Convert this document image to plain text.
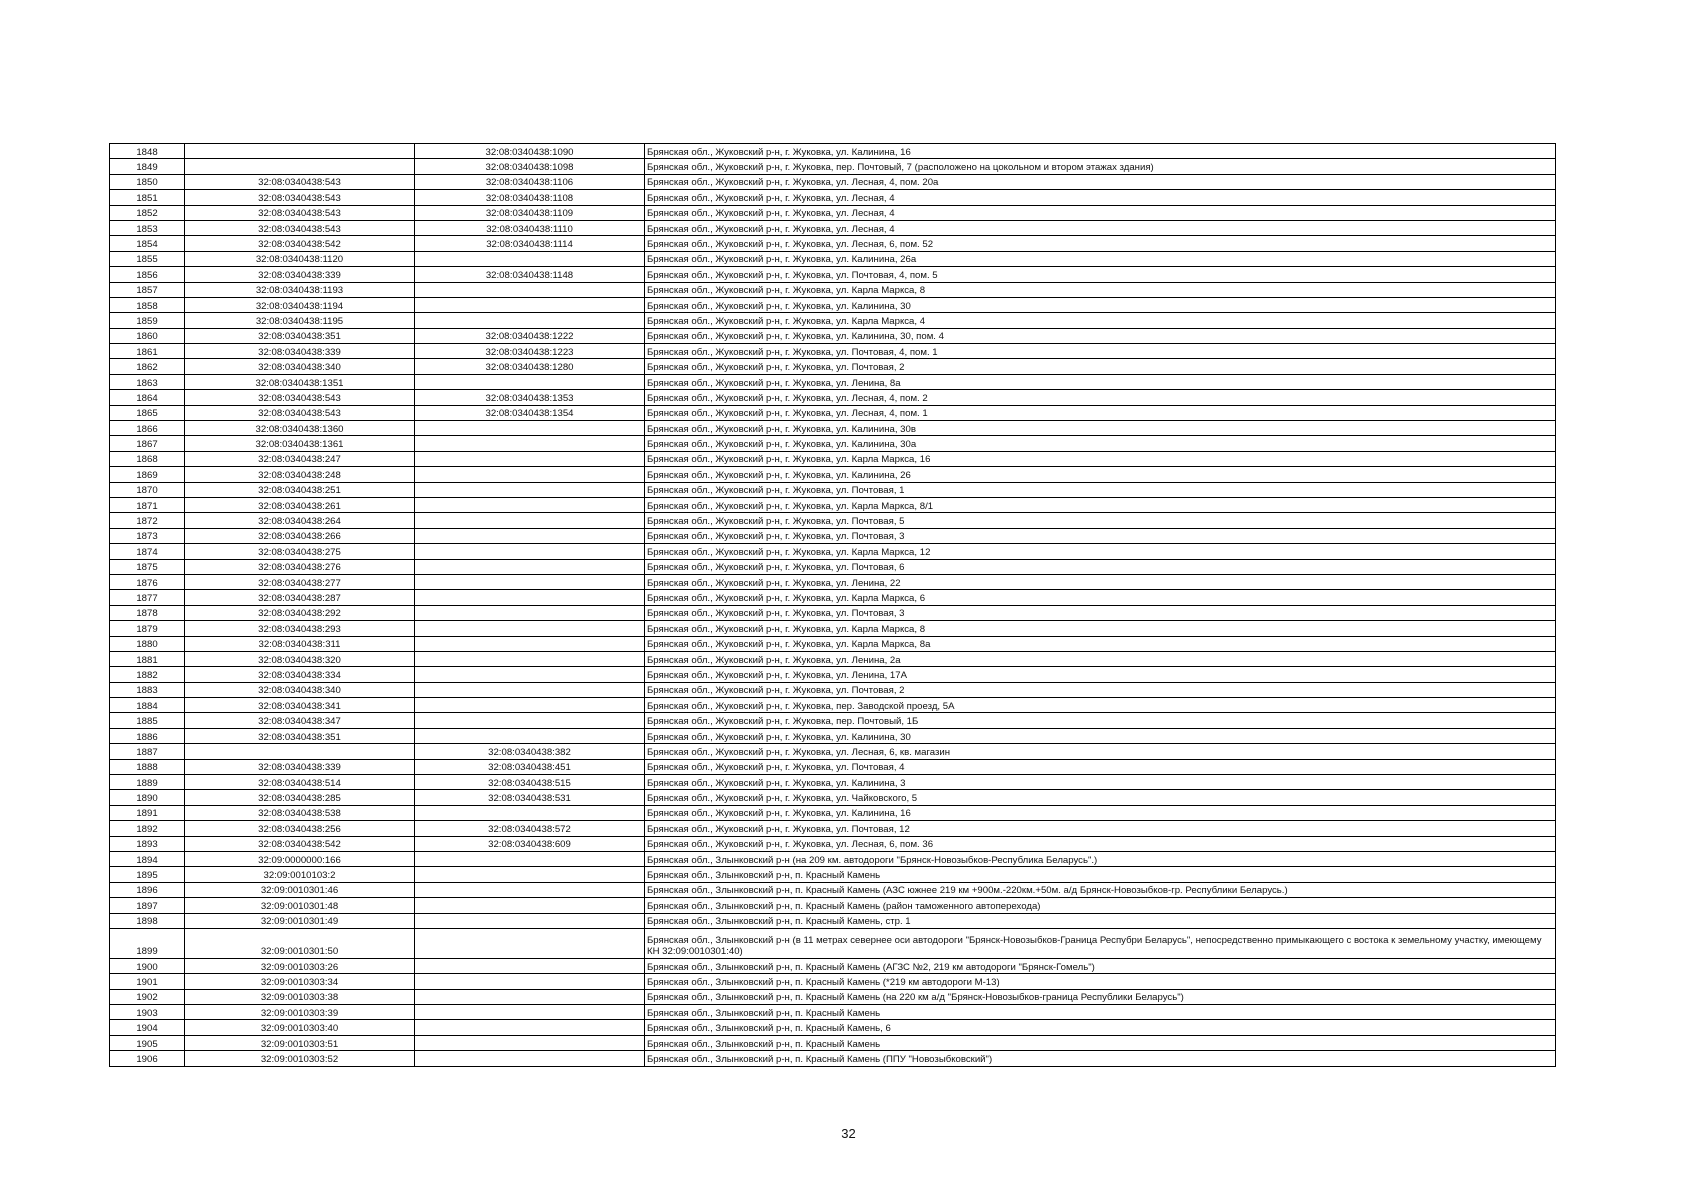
1848		32:08:0340438:1090	Брянская обл., Жуковский р-н, г. Жуковка, ул. Калинина, 16
1849		32:08:0340438:1098	Брянская обл., Жуковский р-н, г. Жуковка, пер. Почтовый, 7 (расположено на цокольном и втором этажах здания)
1850	32:08:0340438:543	32:08:0340438:1106	Брянская обл., Жуковский р-н, г. Жуковка, ул. Лесная, 4, пом. 20а
1851	32:08:0340438:543	32:08:0340438:1108	Брянская обл., Жуковский р-н, г. Жуковка, ул. Лесная, 4
1852	32:08:0340438:543	32:08:0340438:1109	Брянская обл., Жуковский р-н, г. Жуковка, ул. Лесная, 4
1853	32:08:0340438:543	32:08:0340438:1110	Брянская обл., Жуковский р-н, г. Жуковка, ул. Лесная, 4
1854	32:08:0340438:542	32:08:0340438:1114	Брянская обл., Жуковский р-н, г. Жуковка, ул. Лесная, 6, пом. 52
1855	32:08:0340438:1120		Брянская обл., Жуковский р-н, г. Жуковка, ул. Калинина, 26а
1856	32:08:0340438:339	32:08:0340438:1148	Брянская обл., Жуковский р-н, г. Жуковка, ул. Почтовая, 4, пом. 5
1857	32:08:0340438:1193		Брянская обл., Жуковский р-н, г. Жуковка, ул. Карла Маркса, 8
1858	32:08:0340438:1194		Брянская обл., Жуковский р-н, г. Жуковка, ул. Калинина, 30
1859	32:08:0340438:1195		Брянская обл., Жуковский р-н, г. Жуковка, ул. Карла Маркса, 4
1860	32:08:0340438:351	32:08:0340438:1222	Брянская обл., Жуковский р-н, г. Жуковка, ул. Калинина, 30, пом. 4
1861	32:08:0340438:339	32:08:0340438:1223	Брянская обл., Жуковский р-н, г. Жуковка, ул. Почтовая, 4, пом. 1
1862	32:08:0340438:340	32:08:0340438:1280	Брянская обл., Жуковский р-н, г. Жуковка, ул. Почтовая, 2
1863	32:08:0340438:1351		Брянская обл., Жуковский р-н, г. Жуковка, ул. Ленина, 8а
1864	32:08:0340438:543	32:08:0340438:1353	Брянская обл., Жуковский р-н, г. Жуковка, ул. Лесная, 4, пом. 2
1865	32:08:0340438:543	32:08:0340438:1354	Брянская обл., Жуковский р-н, г. Жуковка, ул. Лесная, 4, пом. 1
1866	32:08:0340438:1360		Брянская обл., Жуковский р-н, г. Жуковка, ул. Калинина, 30в
1867	32:08:0340438:1361		Брянская обл., Жуковский р-н, г. Жуковка, ул. Калинина, 30а
1868	32:08:0340438:247		Брянская обл., Жуковский р-н, г. Жуковка, ул. Карла Маркса, 16
1869	32:08:0340438:248		Брянская обл., Жуковский р-н, г. Жуковка, ул. Калинина, 26
1870	32:08:0340438:251		Брянская обл., Жуковский р-н, г. Жуковка, ул. Почтовая, 1
1871	32:08:0340438:261		Брянская обл., Жуковский р-н, г. Жуковка, ул. Карла Маркса, 8/1
1872	32:08:0340438:264		Брянская обл., Жуковский р-н, г. Жуковка, ул. Почтовая, 5
1873	32:08:0340438:266		Брянская обл., Жуковский р-н, г. Жуковка, ул. Почтовая, 3
1874	32:08:0340438:275		Брянская обл., Жуковский р-н, г. Жуковка, ул. Карла Маркса, 12
1875	32:08:0340438:276		Брянская обл., Жуковский р-н, г. Жуковка, ул. Почтовая, 6
1876	32:08:0340438:277		Брянская обл., Жуковский р-н, г. Жуковка, ул. Ленина, 22
1877	32:08:0340438:287		Брянская обл., Жуковский р-н, г. Жуковка, ул. Карла Маркса, 6
1878	32:08:0340438:292		Брянская обл., Жуковский р-н, г. Жуковка, ул. Почтовая, 3
1879	32:08:0340438:293		Брянская обл., Жуковский р-н, г. Жуковка, ул. Карла Маркса, 8
1880	32:08:0340438:311		Брянская обл., Жуковский р-н, г. Жуковка, ул. Карла Маркса, 8а
1881	32:08:0340438:320		Брянская обл., Жуковский р-н, г. Жуковка, ул. Ленина, 2а
1882	32:08:0340438:334		Брянская обл., Жуковский р-н, г. Жуковка, ул. Ленина, 17А
1883	32:08:0340438:340		Брянская обл., Жуковский р-н, г. Жуковка, ул. Почтовая, 2
1884	32:08:0340438:341		Брянская обл., Жуковский р-н, г. Жуковка, пер. Заводской проезд, 5А
1885	32:08:0340438:347		Брянская обл., Жуковский р-н, г. Жуковка, пер. Почтовый, 1Б
1886	32:08:0340438:351		Брянская обл., Жуковский р-н, г. Жуковка, ул. Калинина, 30
1887		32:08:0340438:382	Брянская обл., Жуковский р-н, г. Жуковка, ул. Лесная, 6, кв. магазин
1888	32:08:0340438:339	32:08:0340438:451	Брянская обл., Жуковский р-н, г. Жуковка, ул. Почтовая, 4
1889	32:08:0340438:514	32:08:0340438:515	Брянская обл., Жуковский р-н, г. Жуковка, ул. Калинина, 3
1890	32:08:0340438:285	32:08:0340438:531	Брянская обл., Жуковский р-н, г. Жуковка, ул. Чайковского, 5
1891	32:08:0340438:538		Брянская обл., Жуковский р-н, г. Жуковка, ул. Калинина, 16
1892	32:08:0340438:256	32:08:0340438:572	Брянская обл., Жуковский р-н, г. Жуковка, ул. Почтовая, 12
1893	32:08:0340438:542	32:08:0340438:609	Брянская обл., Жуковский р-н, г. Жуковка, ул. Лесная, 6, пом. 36
1894	32:09:0000000:166		Брянская обл., Злынковский р-н (на 209 км. автодороги "Брянск-Новозыбков-Республика Беларусь".)
1895	32:09:0010103:2		Брянская обл., Злынковский р-н, п. Красный Камень
1896	32:09:0010301:46		Брянская обл., Злынковский р-н, п. Красный Камень (АЗС южнее 219 км +900м.-220км.+50м. а/д Брянск-Новозыбков-гр. Республики Беларусь.)
1897	32:09:0010301:48		Брянская обл., Злынковский р-н, п. Красный Камень (район таможенного автоперехода)
1898	32:09:0010301:49		Брянская обл., Злынковский р-н, п. Красный Камень, стр. 1
1899	32:09:0010301:50		Брянская обл., Злынковский р-н (в 11 метрах севернее оси автодороги "Брянск-Новозыбков-Граница Респубpи Беларусь", непосредственно примыкающего с востока к земельному участку, имеющему КН 32:09:0010301:40)
1900	32:09:0010303:26		Брянская обл., Злынковский р-н, п. Красный Камень (АГЗС №2, 219 км автодороги "Брянск-Гомель")
1901	32:09:0010303:34		Брянская обл., Злынковский р-н, п. Красный Камень (*219 км автодороги М-13)
1902	32:09:0010303:38		Брянская обл., Злынковский р-н, п. Красный Камень (на 220 км а/д "Брянск-Новозыбков-граница Республики Беларусь")
1903	32:09:0010303:39		Брянская обл., Злынковский р-н, п. Красный Камень
1904	32:09:0010303:40		Брянская обл., Злынковский р-н, п. Красный Камень, 6
1905	32:09:0010303:51		Брянская обл., Злынковский р-н, п. Красный Камень
1906	32:09:0010303:52		Брянская обл., Злынковский р-н, п. Красный Камень (ППУ "Новозыбковский")
32
